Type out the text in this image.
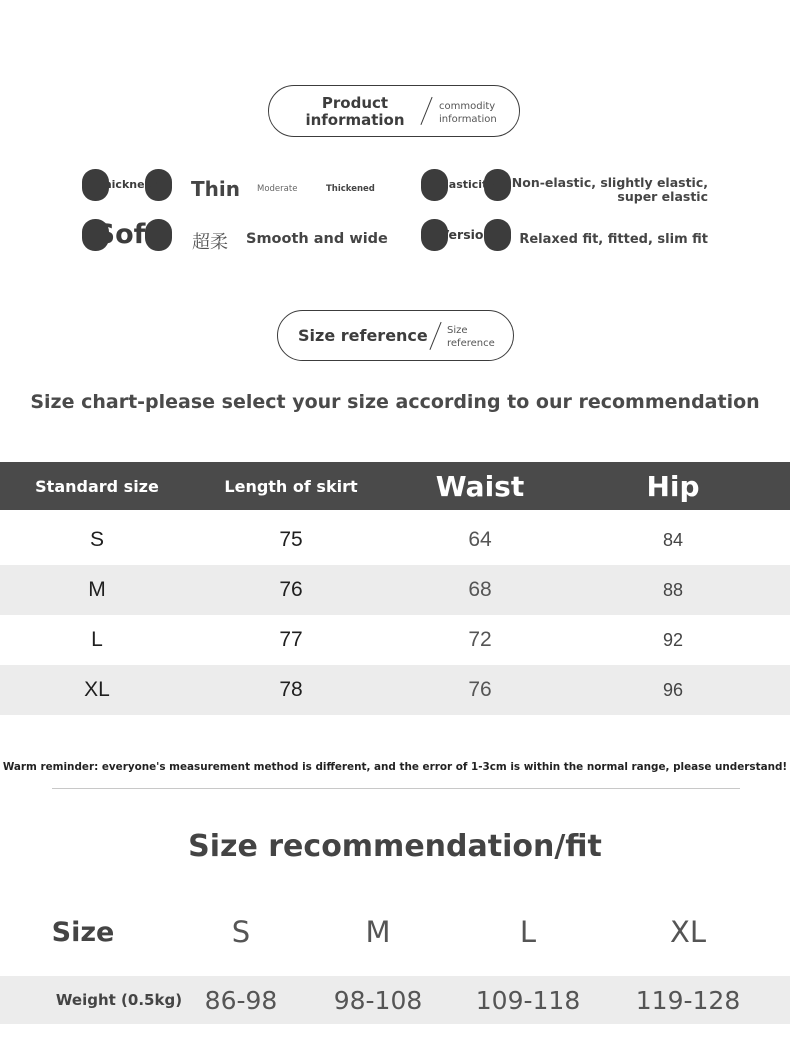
Product
information
commodity
information
Thickness	Thin Moderate	Thickened	Elasticity	Non-elastic, slightly elastic,
super elastic
Soft	超柔 Smooth and wide	Version	Relaxed fit, fitted, slim fit
Size reference Size
reference
Size chart-please select your size according to our recommendation
Standard size	Length of skirt	Waist	Hip
S	75	64	84
M	76	68	88
L	77	72	92
XL	78	76	96
Warm reminder: everyone's measurement method is different, and the error of 1-3cm is within the normal range, please understand!
Size recommendation/fit
Size	S	M	L	XL
Weight (0.5kg) 86-98	98-108	109-118	119-128
